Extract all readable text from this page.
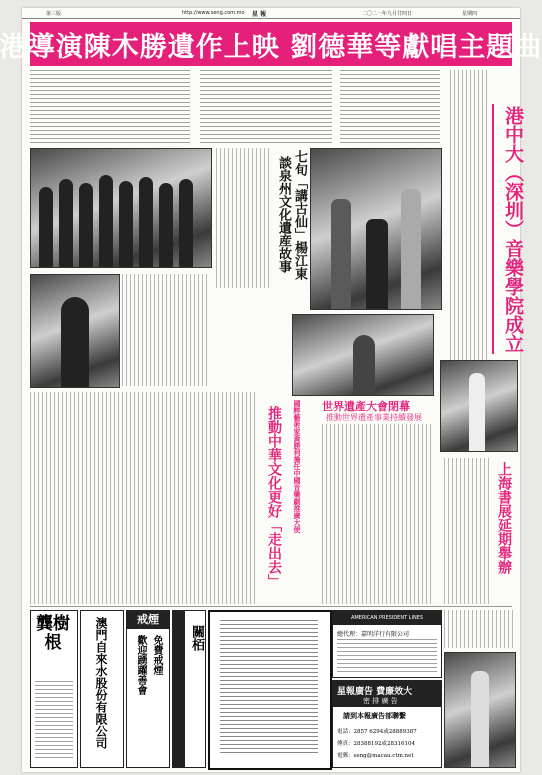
第三版	http://www.seng.com.mo 星 報	二〇二一年九月廿四日	星期四
港導演陳木勝遺作上映 劉德華等獻唱主題曲
港中大（深圳）音樂學院成立
七旬「講古仙」楊江東
談泉州文化遺産故事
世界遺產大會閉幕
推動世界遺產事業持續發展
國粹藝術家黃勝利擔任中國音樂劇推廣大使
推動中華文化更好「走出去」	上海書展延期舉辦
龔樹根	澳門自來水股份有限公司	戒煙
免費戒煙
歡迎踴躍善會	關栢
AMERICAN PRESIDENT LINES
總代理：嘉明洋行有限公司
星報廣告 費廉效大
密 排 廣 告
請到本報廣告部聯繫
電話：2857 6294或28889387
傳真：28388192或28316104
電郵：seng@macau.ctm.net
